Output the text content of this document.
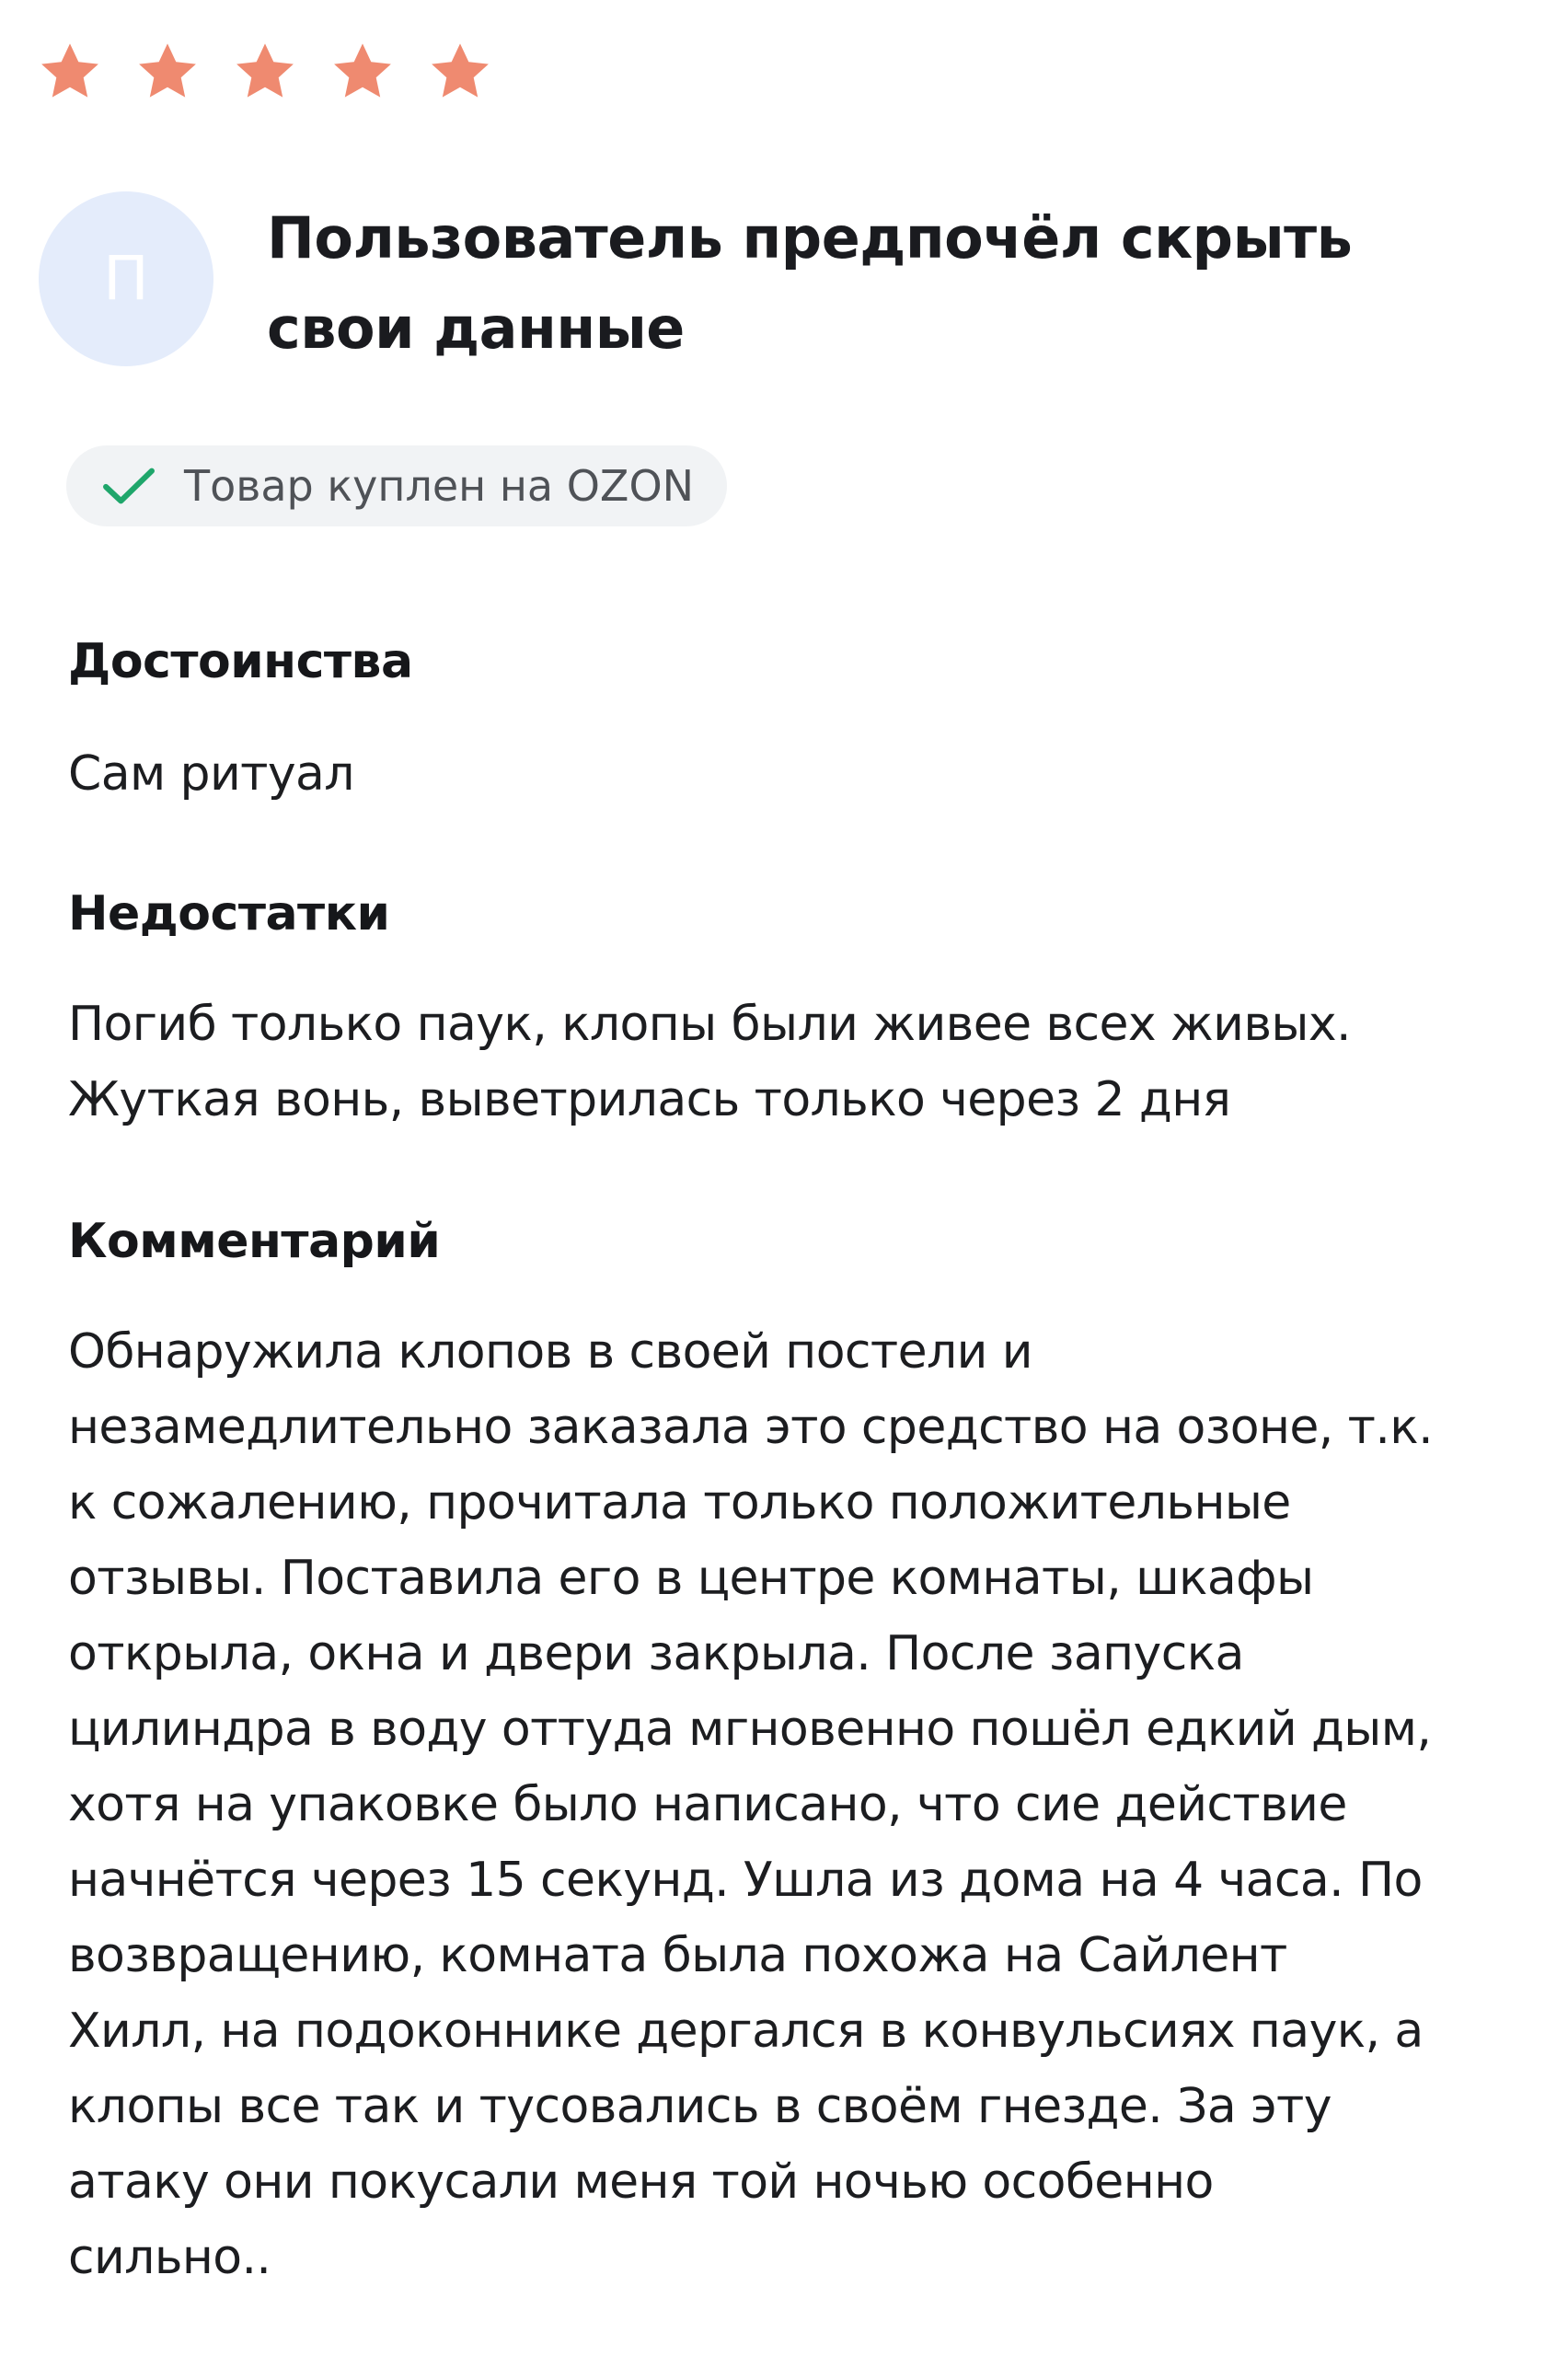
П
Пользователь предпочёл скрыть
свои данные
Товар куплен на OZON
Достоинства
Сам ритуал
Недостатки
Погиб только паук, клопы были живее всех живых.
Жуткая вонь, выветрилась только через 2 дня
Комментарий
Обнаружила клопов в своей постели и
незамедлительно заказала это средство на озоне, т.к.
к сожалению, прочитала только положительные
отзывы. Поставила его в центре комнаты, шкафы
открыла, окна и двери закрыла. После запуска
цилиндра в воду оттуда мгновенно пошёл едкий дым,
хотя на упаковке было написано, что сие действие
начнётся через 15 секунд. Ушла из дома на 4 часа. По
возвращению, комната была похожа на Сайлент
Хилл, на подоконнике дергался в конвульсиях паук, а
клопы все так и тусовались в своём гнезде. За эту
атаку они покусали меня той ночью особенно
сильно..
